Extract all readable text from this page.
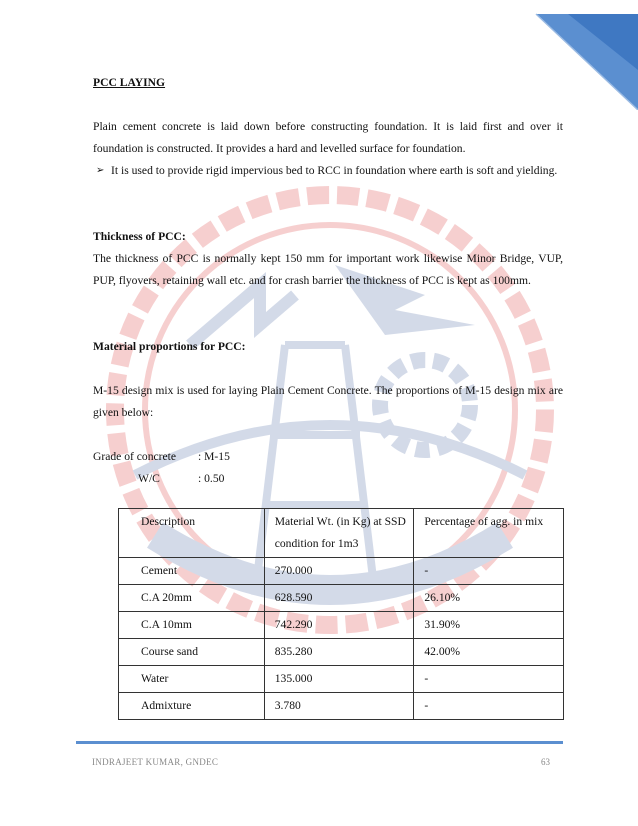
PCC LAYING
Plain cement concrete is laid down before constructing foundation. It is laid first and over it foundation is constructed. It provides a hard and levelled surface for foundation.
➢ It is used to provide rigid impervious bed to RCC in foundation where earth is soft and yielding.
Thickness of PCC:
The thickness of PCC is normally kept 150 mm for important work likewise Minor Bridge, VUP, PUP, flyovers, retaining wall etc. and for crash barrier the thickness of PCC is kept as 100mm.
Material proportions for PCC:
M-15 design mix is used for laying Plain Cement Concrete. The proportions of M-15 design mix are given below:
Grade of concrete : M-15
W/C	: 0.50
Description	Material Wt. (in Kg) at SSD condition for 1m3	Percentage of agg. in mix
Cement	270.000	-
C.A 20mm	628.590	26.10%
C.A 10mm	742.290	31.90%
Course sand	835.280	42.00%
Water	135.000	-
Admixture	3.780	-
INDRAJEET KUMAR, GNDEC	63
